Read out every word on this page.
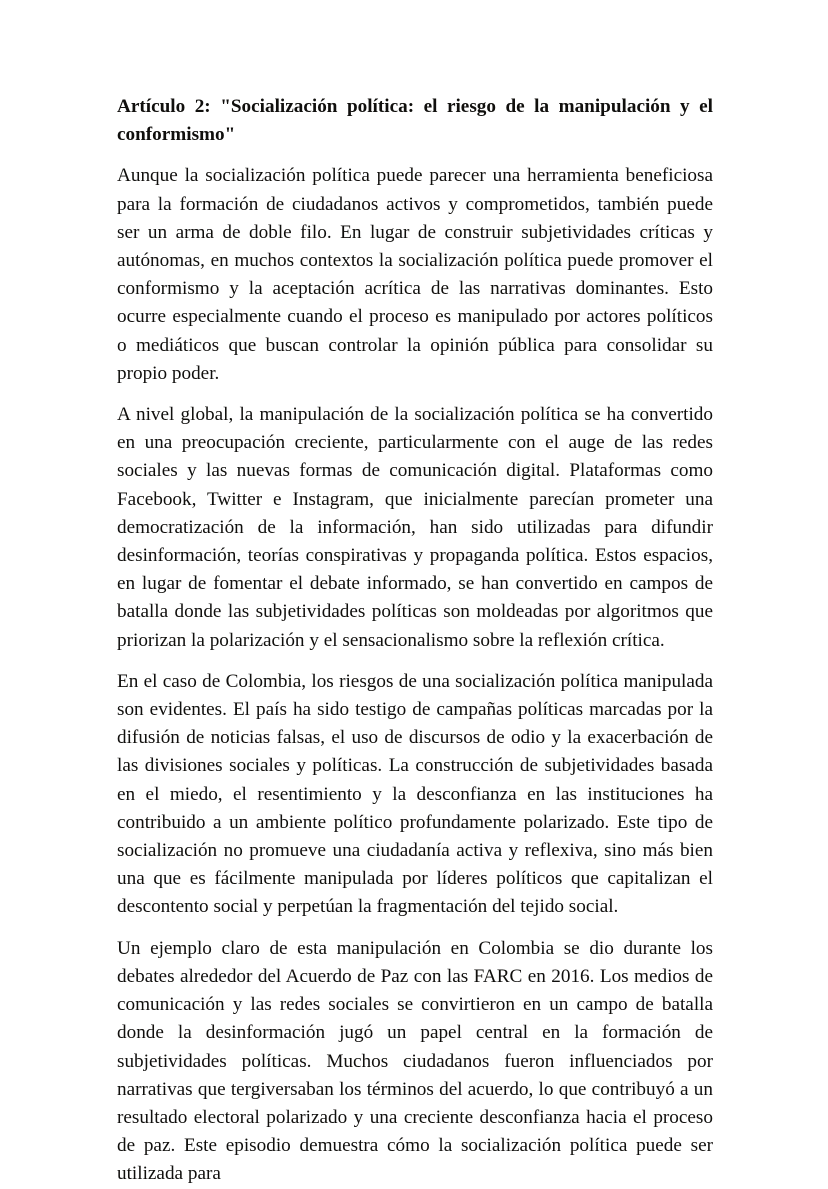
Artículo 2: "Socialización política: el riesgo de la manipulación y el conformismo"

Aunque la socialización política puede parecer una herramienta beneficiosa para la formación de ciudadanos activos y comprometidos, también puede ser un arma de doble filo. En lugar de construir subjetividades críticas y autónomas, en muchos contextos la socialización política puede promover el conformismo y la aceptación acrítica de las narrativas dominantes. Esto ocurre especialmente cuando el proceso es manipulado por actores políticos o mediáticos que buscan controlar la opinión pública para consolidar su propio poder.

A nivel global, la manipulación de la socialización política se ha convertido en una preocupación creciente, particularmente con el auge de las redes sociales y las nuevas formas de comunicación digital. Plataformas como Facebook, Twitter e Instagram, que inicialmente parecían prometer una democratización de la información, han sido utilizadas para difundir desinformación, teorías conspirativas y propaganda política. Estos espacios, en lugar de fomentar el debate informado, se han convertido en campos de batalla donde las subjetividades políticas son moldeadas por algoritmos que priorizan la polarización y el sensacionalismo sobre la reflexión crítica.

En el caso de Colombia, los riesgos de una socialización política manipulada son evidentes. El país ha sido testigo de campañas políticas marcadas por la difusión de noticias falsas, el uso de discursos de odio y la exacerbación de las divisiones sociales y políticas. La construcción de subjetividades basada en el miedo, el resentimiento y la desconfianza en las instituciones ha contribuido a un ambiente político profundamente polarizado. Este tipo de socialización no promueve una ciudadanía activa y reflexiva, sino más bien una que es fácilmente manipulada por líderes políticos que capitalizan el descontento social y perpetúan la fragmentación del tejido social.

Un ejemplo claro de esta manipulación en Colombia se dio durante los debates alrededor del Acuerdo de Paz con las FARC en 2016. Los medios de comunicación y las redes sociales se convirtieron en un campo de batalla donde la desinformación jugó un papel central en la formación de subjetividades políticas. Muchos ciudadanos fueron influenciados por narrativas que tergiversaban los términos del acuerdo, lo que contribuyó a un resultado electoral polarizado y una creciente desconfianza hacia el proceso de paz. Este episodio demuestra cómo la socialización política puede ser utilizada para
